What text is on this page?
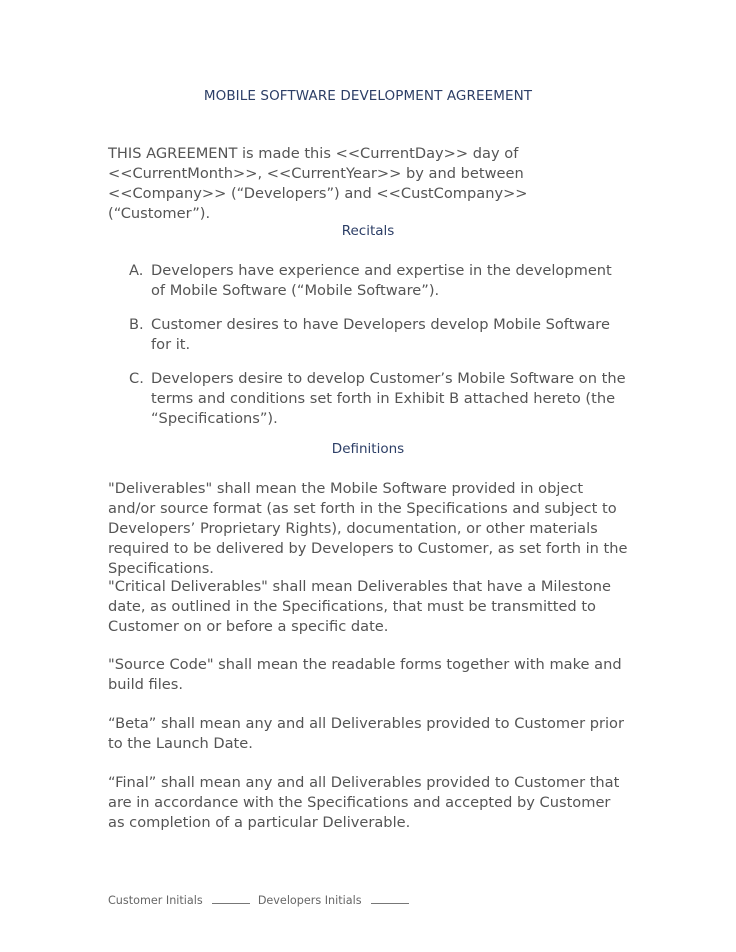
MOBILE SOFTWARE DEVELOPMENT AGREEMENT

THIS AGREEMENT is made this <<CurrentDay>> day of <<CurrentMonth>>, <<CurrentYear>> by and between <<Company>> (“Developers”) and <<CustCompany>> (“Customer”).

Recitals
A. Developers have experience and expertise in the development of Mobile Software (“Mobile Software”).
B. Customer desires to have Developers develop Mobile Software for it.
C. Developers desire to develop Customer’s Mobile Software on the terms and conditions set forth in Exhibit B attached hereto (the “Specifications”).
Definitions

"Deliverables" shall mean the Mobile Software provided in object and/or source format (as set forth in the Specifications and subject to Developers’ Proprietary Rights), documentation, or other materials required to be delivered by Developers to Customer, as set forth in the Specifications.

"Critical Deliverables" shall mean Deliverables that have a Milestone date, as outlined in the Specifications, that must be transmitted to Customer on or before a specific date.

"Source Code" shall mean the readable forms together with make and build files.

“Beta” shall mean any and all Deliverables provided to Customer prior to the Launch Date.

“Final” shall mean any and all Deliverables provided to Customer that are in accordance with the Specifications and accepted by Customer as completion of a particular Deliverable.

Customer Initials	Developers Initials
